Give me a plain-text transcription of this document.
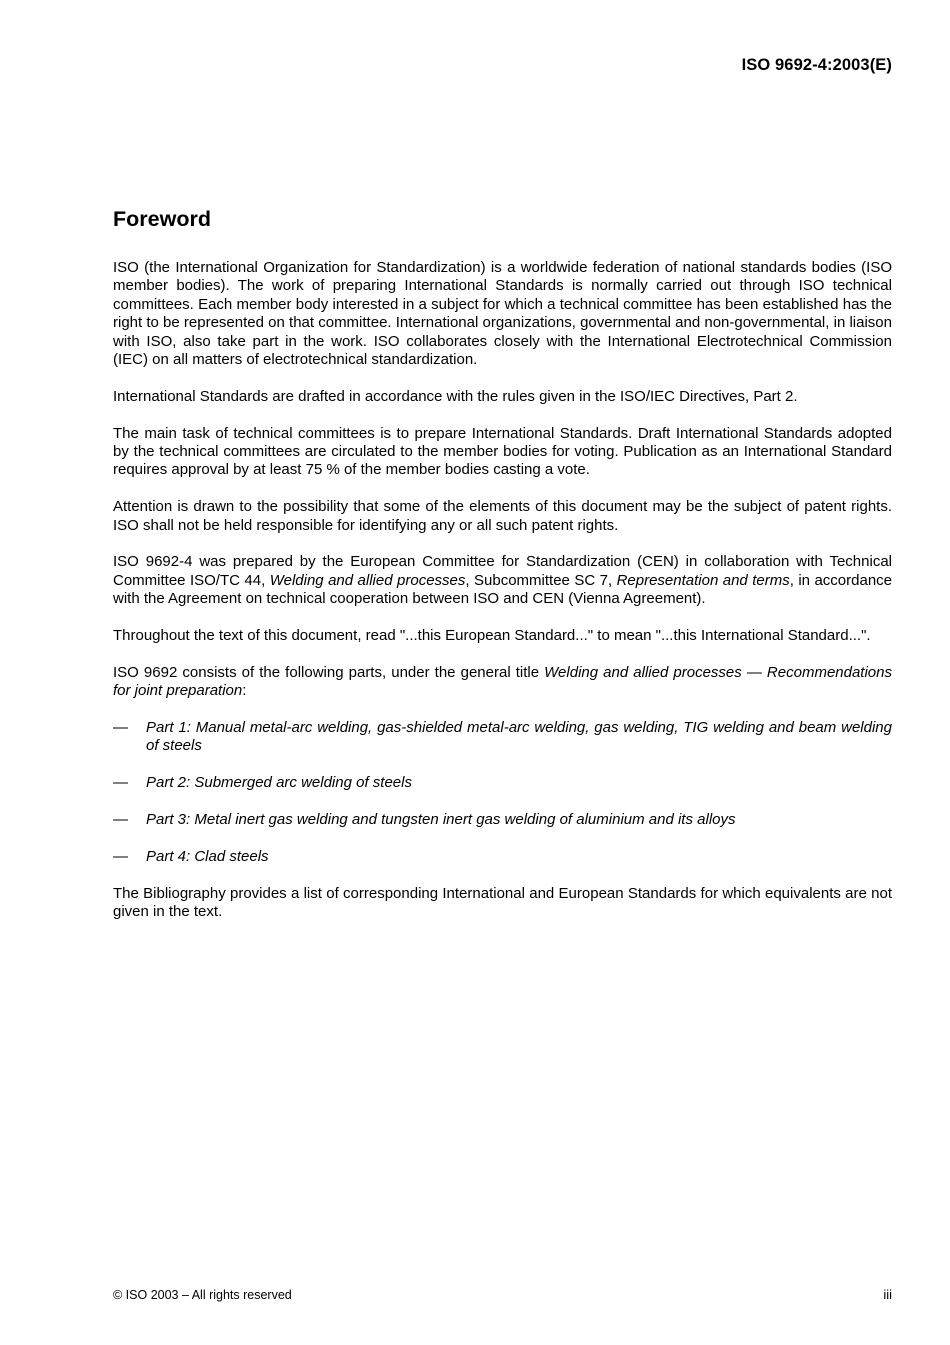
ISO 9692-4:2003(E)
Foreword

ISO (the International Organization for Standardization) is a worldwide federation of national standards bodies (ISO member bodies). The work of preparing International Standards is normally carried out through ISO technical committees. Each member body interested in a subject for which a technical committee has been established has the right to be represented on that committee. International organizations, governmental and non-governmental, in liaison with ISO, also take part in the work. ISO collaborates closely with the International Electrotechnical Commission (IEC) on all matters of electrotechnical standardization.

International Standards are drafted in accordance with the rules given in the ISO/IEC Directives, Part 2.

The main task of technical committees is to prepare International Standards. Draft International Standards adopted by the technical committees are circulated to the member bodies for voting. Publication as an International Standard requires approval by at least 75 % of the member bodies casting a vote.

Attention is drawn to the possibility that some of the elements of this document may be the subject of patent rights. ISO shall not be held responsible for identifying any or all such patent rights.

ISO 9692-4 was prepared by the European Committee for Standardization (CEN) in collaboration with Technical Committee ISO/TC 44, Welding and allied processes, Subcommittee SC 7, Representation and terms, in accordance with the Agreement on technical cooperation between ISO and CEN (Vienna Agreement).

Throughout the text of this document, read "...this European Standard..." to mean "...this International Standard...".

ISO 9692 consists of the following parts, under the general title Welding and allied processes — Recommendations for joint preparation:

—	Part 1: Manual metal-arc welding, gas-shielded metal-arc welding, gas welding, TIG welding and beam welding of steels
—	Part 2: Submerged arc welding of steels
—	Part 3: Metal inert gas welding and tungsten inert gas welding of aluminium and its alloys
—	Part 4: Clad steels

The Bibliography provides a list of corresponding International and European Standards for which equivalents are not given in the text.

© ISO 2003 – All rights reserved	iii
